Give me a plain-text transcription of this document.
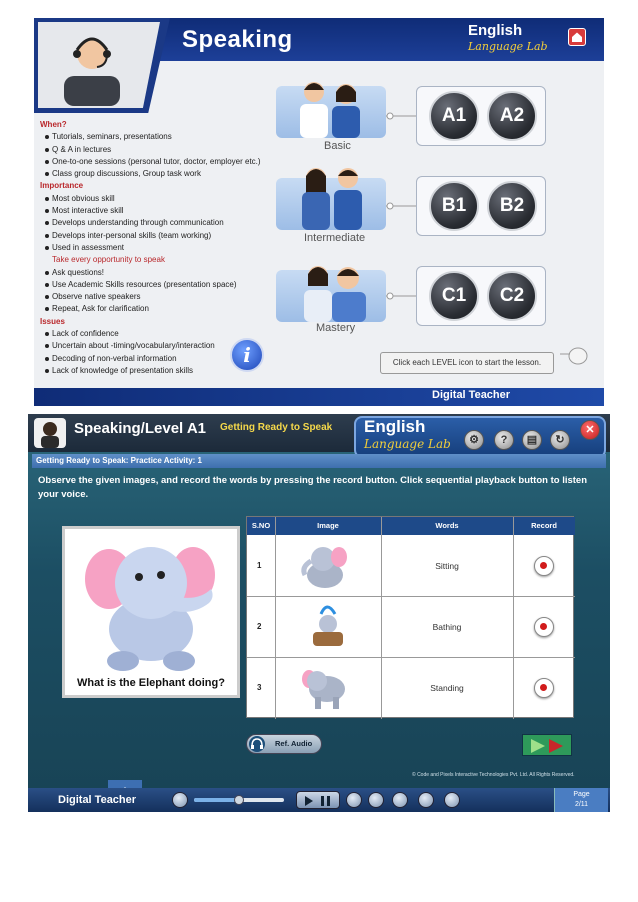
Speaking	English
Language Lab
When?
Tutorials, seminars, presentations
Q & A in lectures
One-to-one sessions (personal tutor, doctor, employer etc.)
Class group discussions, Group task work
Importance
Most obvious skill
Most interactive skill
Develops understanding through communication
Develops inter-personal skills (team working)
Used in assessment
Take every opportunity to speak
Ask questions!
Use Academic Skills resources (presentation space)
Observe native speakers
Repeat, Ask for clarification
Issues
Lack of confidence
Uncertain about -timing/vocabulary/interaction
Decoding of non-verbal information
Lack of knowledge of presentation skills
Basic
A1	A2
Intermediate
B1	B2
Mastery
C1	C2
i	Click each LEVEL icon to start the lesson.
Digital Teacher
Speaking/Level A1 Getting Ready to Speak English
Language Lab	⚙	?	▤	↻
✕
Getting Ready to Speak: Practice Activity: 1
Observe the given images, and record the words by pressing the record button. Click sequential playback button to listen your voice.
What is the Elephant doing?
S.NO	Image	Words	Record
1	Sitting
2	Bathing
3	Standing
Ref. Audio
© Code and Pixels Interactive Technologies Pvt. Ltd. All Rights Reserved.
Digital Teacher	Page
2/11
